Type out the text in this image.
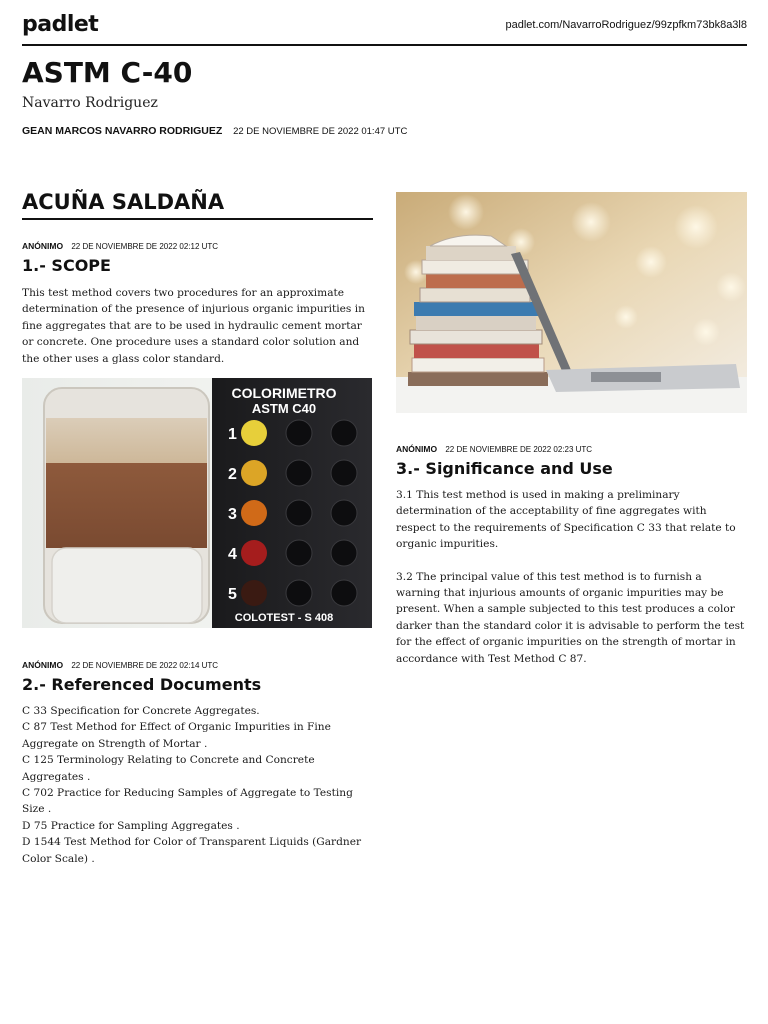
padlet	padlet.com/NavarroRodriguez/99zpfkm73bk8a3l8
ASTM C-40
Navarro Rodriguez
GEAN MARCOS NAVARRO RODRIGUEZ 22 DE NOVIEMBRE DE 2022 01:47 UTC
ACUÑA SALDAÑA
ANÓNIMO 22 DE NOVIEMBRE DE 2022 02:12 UTC
1.- SCOPE

This test method covers two procedures for an approximate determination of the presence of injurious organic impurities in fine aggregates that are to be used in hydraulic cement mortar or concrete. One procedure uses a standard color solution and the other uses a glass color standard.

COLORIMETRO
ASTM C40
1
2
3
4
5
COLOTEST - S 408
ANÓNIMO 22 DE NOVIEMBRE DE 2022 02:14 UTC
2.- Referenced Documents

C 33 Specification for Concrete Aggregates.

C 87 Test Method for Effect of Organic Impurities in Fine Aggregate on Strength of Mortar .

C 125 Terminology Relating to Concrete and Concrete Aggregates .

C 702 Practice for Reducing Samples of Aggregate to Testing Size .

D 75 Practice for Sampling Aggregates .

D 1544 Test Method for Color of Transparent Liquids (Gardner Color Scale) .

ANÓNIMO 22 DE NOVIEMBRE DE 2022 02:23 UTC
3.- Significance and Use

3.1 This test method is used in making a preliminary determination of the acceptability of fine aggregates with respect to the requirements of Specification C 33 that relate to organic impurities.

3.2 The principal value of this test method is to furnish a warning that injurious amounts of organic impurities may be present. When a sample subjected to this test produces a color darker than the standard color it is advisable to perform the test for the effect of organic impurities on the strength of mortar in accordance with Test Method C 87.
